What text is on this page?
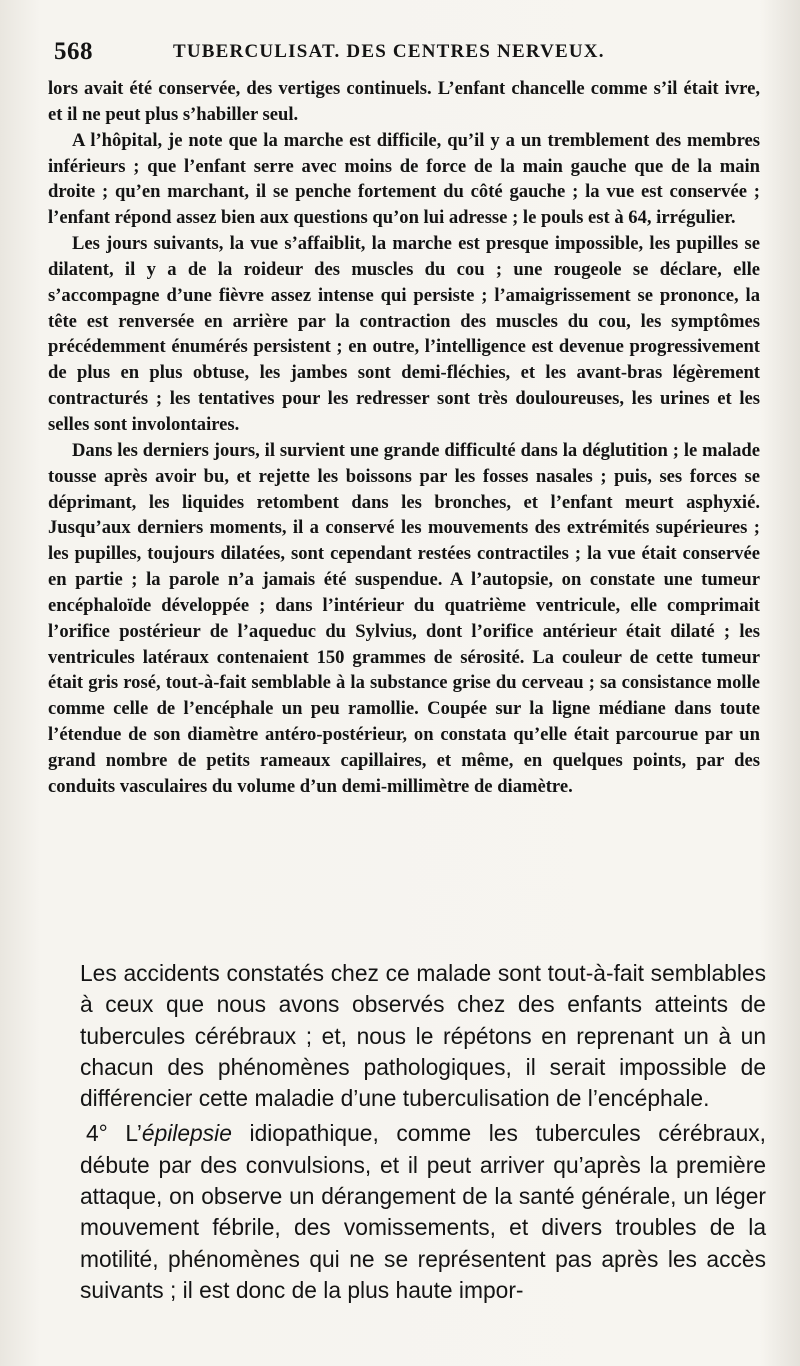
568	TUBERCULISAT. DES CENTRES NERVEUX.

lors avait été conservée, des vertiges continuels. L’enfant chancelle comme s’il était ivre, et il ne peut plus s’habiller seul.

A l’hôpital, je note que la marche est difficile, qu’il y a un tremblement des membres inférieurs ; que l’enfant serre avec moins de force de la main gauche que de la main droite ; qu’en marchant, il se penche fortement du côté gauche ; la vue est conservée ; l’enfant répond assez bien aux questions qu’on lui adresse ; le pouls est à 64, irrégulier.

Les jours suivants, la vue s’affaiblit, la marche est presque impossible, les pupilles se dilatent, il y a de la roideur des muscles du cou ; une rougeole se déclare, elle s’accompagne d’une fièvre assez intense qui persiste ; l’amaigrissement se prononce, la tête est renversée en arrière par la contraction des muscles du cou, les symptômes précédemment énumérés persistent ; en outre, l’intelligence est devenue progressivement de plus en plus obtuse, les jambes sont demi-fléchies, et les avant-bras légèrement contracturés ; les tentatives pour les redresser sont très douloureuses, les urines et les selles sont involontaires.

Dans les derniers jours, il survient une grande difficulté dans la déglutition ; le malade tousse après avoir bu, et rejette les boissons par les fosses nasales ; puis, ses forces se déprimant, les liquides retombent dans les bronches, et l’enfant meurt asphyxié. Jusqu’aux derniers moments, il a conservé les mouvements des extrémités supérieures ; les pupilles, toujours dilatées, sont cependant restées contractiles ; la vue était conservée en partie ; la parole n’a jamais été suspendue. A l’autopsie, on constate une tumeur encéphaloïde développée ; dans l’intérieur du quatrième ventricule, elle comprimait l’orifice postérieur de l’aqueduc du Sylvius, dont l’orifice antérieur était dilaté ; les ventricules latéraux contenaient 150 grammes de sérosité. La couleur de cette tumeur était gris rosé, tout-à-fait semblable à la substance grise du cerveau ; sa consistance molle comme celle de l’encéphale un peu ramollie. Coupée sur la ligne médiane dans toute l’étendue de son diamètre antéro-postérieur, on constata qu’elle était parcourue par un grand nombre de petits rameaux capillaires, et même, en quelques points, par des conduits vasculaires du volume d’un demi-millimètre de diamètre.

Les accidents constatés chez ce malade sont tout-à-fait semblables à ceux que nous avons observés chez des enfants atteints de tubercules cérébraux ; et, nous le répétons en reprenant un à un chacun des phénomènes pathologiques, il serait impossible de différencier cette maladie d’une tuberculisation de l’encéphale.

4° L’épilepsie idiopathique, comme les tubercules cérébraux, débute par des convulsions, et il peut arriver qu’après la première attaque, on observe un dérangement de la santé générale, un léger mouvement fébrile, des vomissements, et divers troubles de la motilité, phénomènes qui ne se représentent pas après les accès suivants ; il est donc de la plus haute impor-
